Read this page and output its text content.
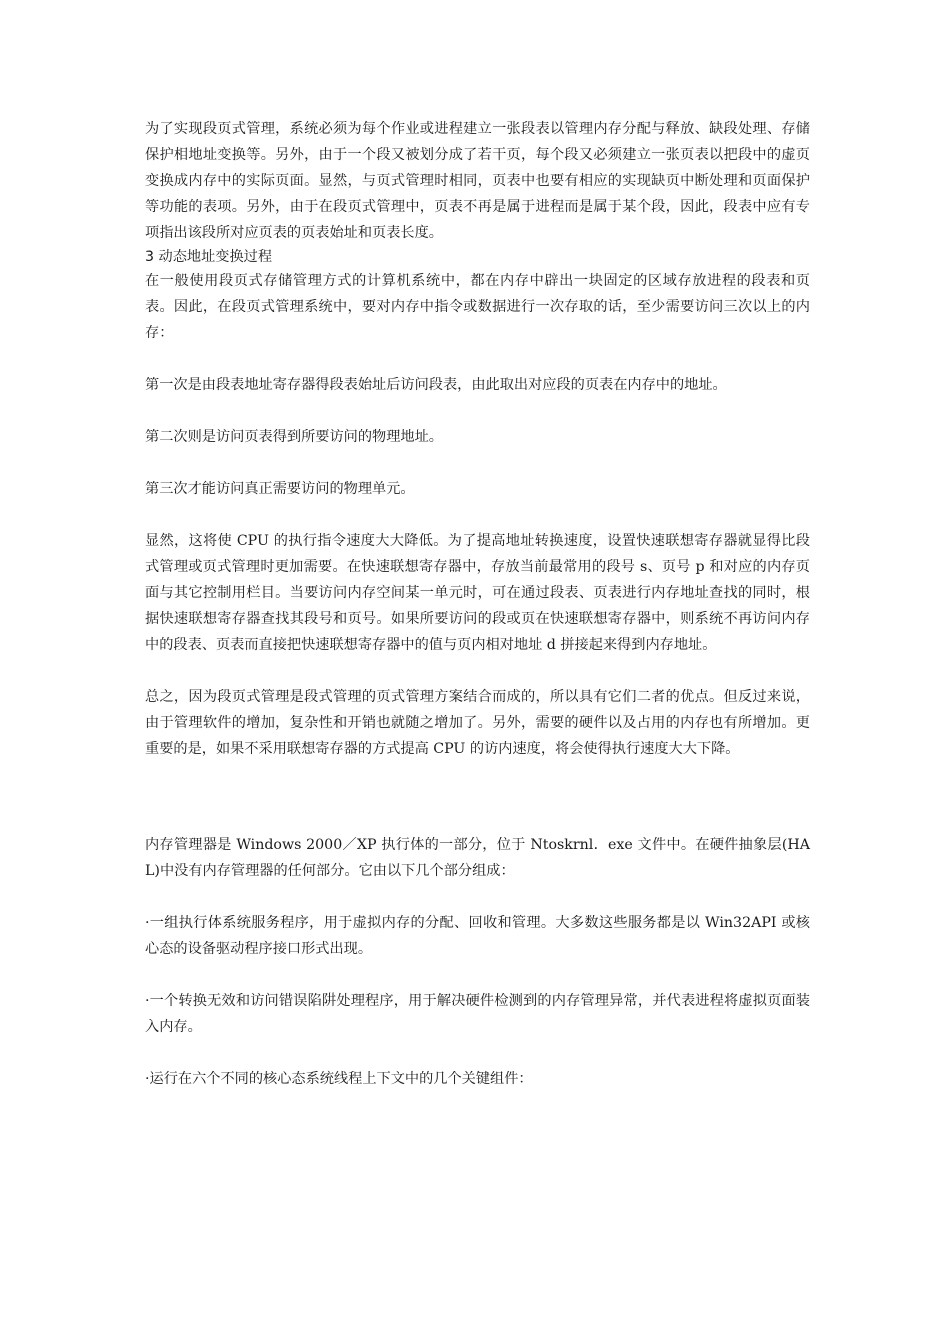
为了实现段页式管理，系统必须为每个作业或进程建立一张段表以管理内存分配与释放、缺段处理、存储保护相地址变换等。另外，由于一个段又被划分成了若干页，每个段又必须建立一张页表以把段中的虚页变换成内存中的实际页面。显然，与页式管理时相同，页表中也要有相应的实现缺页中断处理和页面保护等功能的表项。另外，由于在段页式管理中，页表不再是属于进程而是属于某个段，因此，段表中应有专项指出该段所对应页表的页表始址和页表长度。

3 动态地址变换过程

在一般使用段页式存储管理方式的计算机系统中，都在内存中辟出一块固定的区域存放进程的段表和页表。因此，在段页式管理系统中，要对内存中指令或数据进行一次存取的话，至少需要访问三次以上的内存：

第一次是由段表地址寄存器得段表始址后访问段表，由此取出对应段的页表在内存中的地址。

第二次则是访问页表得到所要访问的物理地址。

第三次才能访问真正需要访问的物理单元。

显然，这将使 CPU 的执行指令速度大大降低。为了提高地址转换速度，设置快速联想寄存器就显得比段式管理或页式管理时更加需要。在快速联想寄存器中，存放当前最常用的段号 s、页号 p 和对应的内存页面与其它控制用栏目。当要访问内存空间某一单元时，可在通过段表、页表进行内存地址查找的同时，根据快速联想寄存器查找其段号和页号。如果所要访问的段或页在快速联想寄存器中，则系统不再访问内存中的段表、页表而直接把快速联想寄存器中的值与页内相对地址 d 拼接起来得到内存地址。

总之，因为段页式管理是段式管理的页式管理方案结合而成的，所以具有它们二者的优点。但反过来说，由于管理软件的增加，复杂性和开销也就随之增加了。另外，需要的硬件以及占用的内存也有所增加。更重要的是，如果不采用联想寄存器的方式提高 CPU 的访内速度，将会使得执行速度大大下降。

内存管理器是 Windows 2000／XP 执行体的一部分，位于 Ntoskrnl．exe 文件中。在硬件抽象层(HAL)中没有内存管理器的任何部分。它由以下几个部分组成：

·一组执行体系统服务程序，用于虚拟内存的分配、回收和管理。大多数这些服务都是以 Win32API 或核心态的设备驱动程序接口形式出现。

·一个转换无效和访问错误陷阱处理程序，用于解决硬件检测到的内存管理异常，并代表进程将虚拟页面装入内存。

·运行在六个不同的核心态系统线程上下文中的几个关键组件：
